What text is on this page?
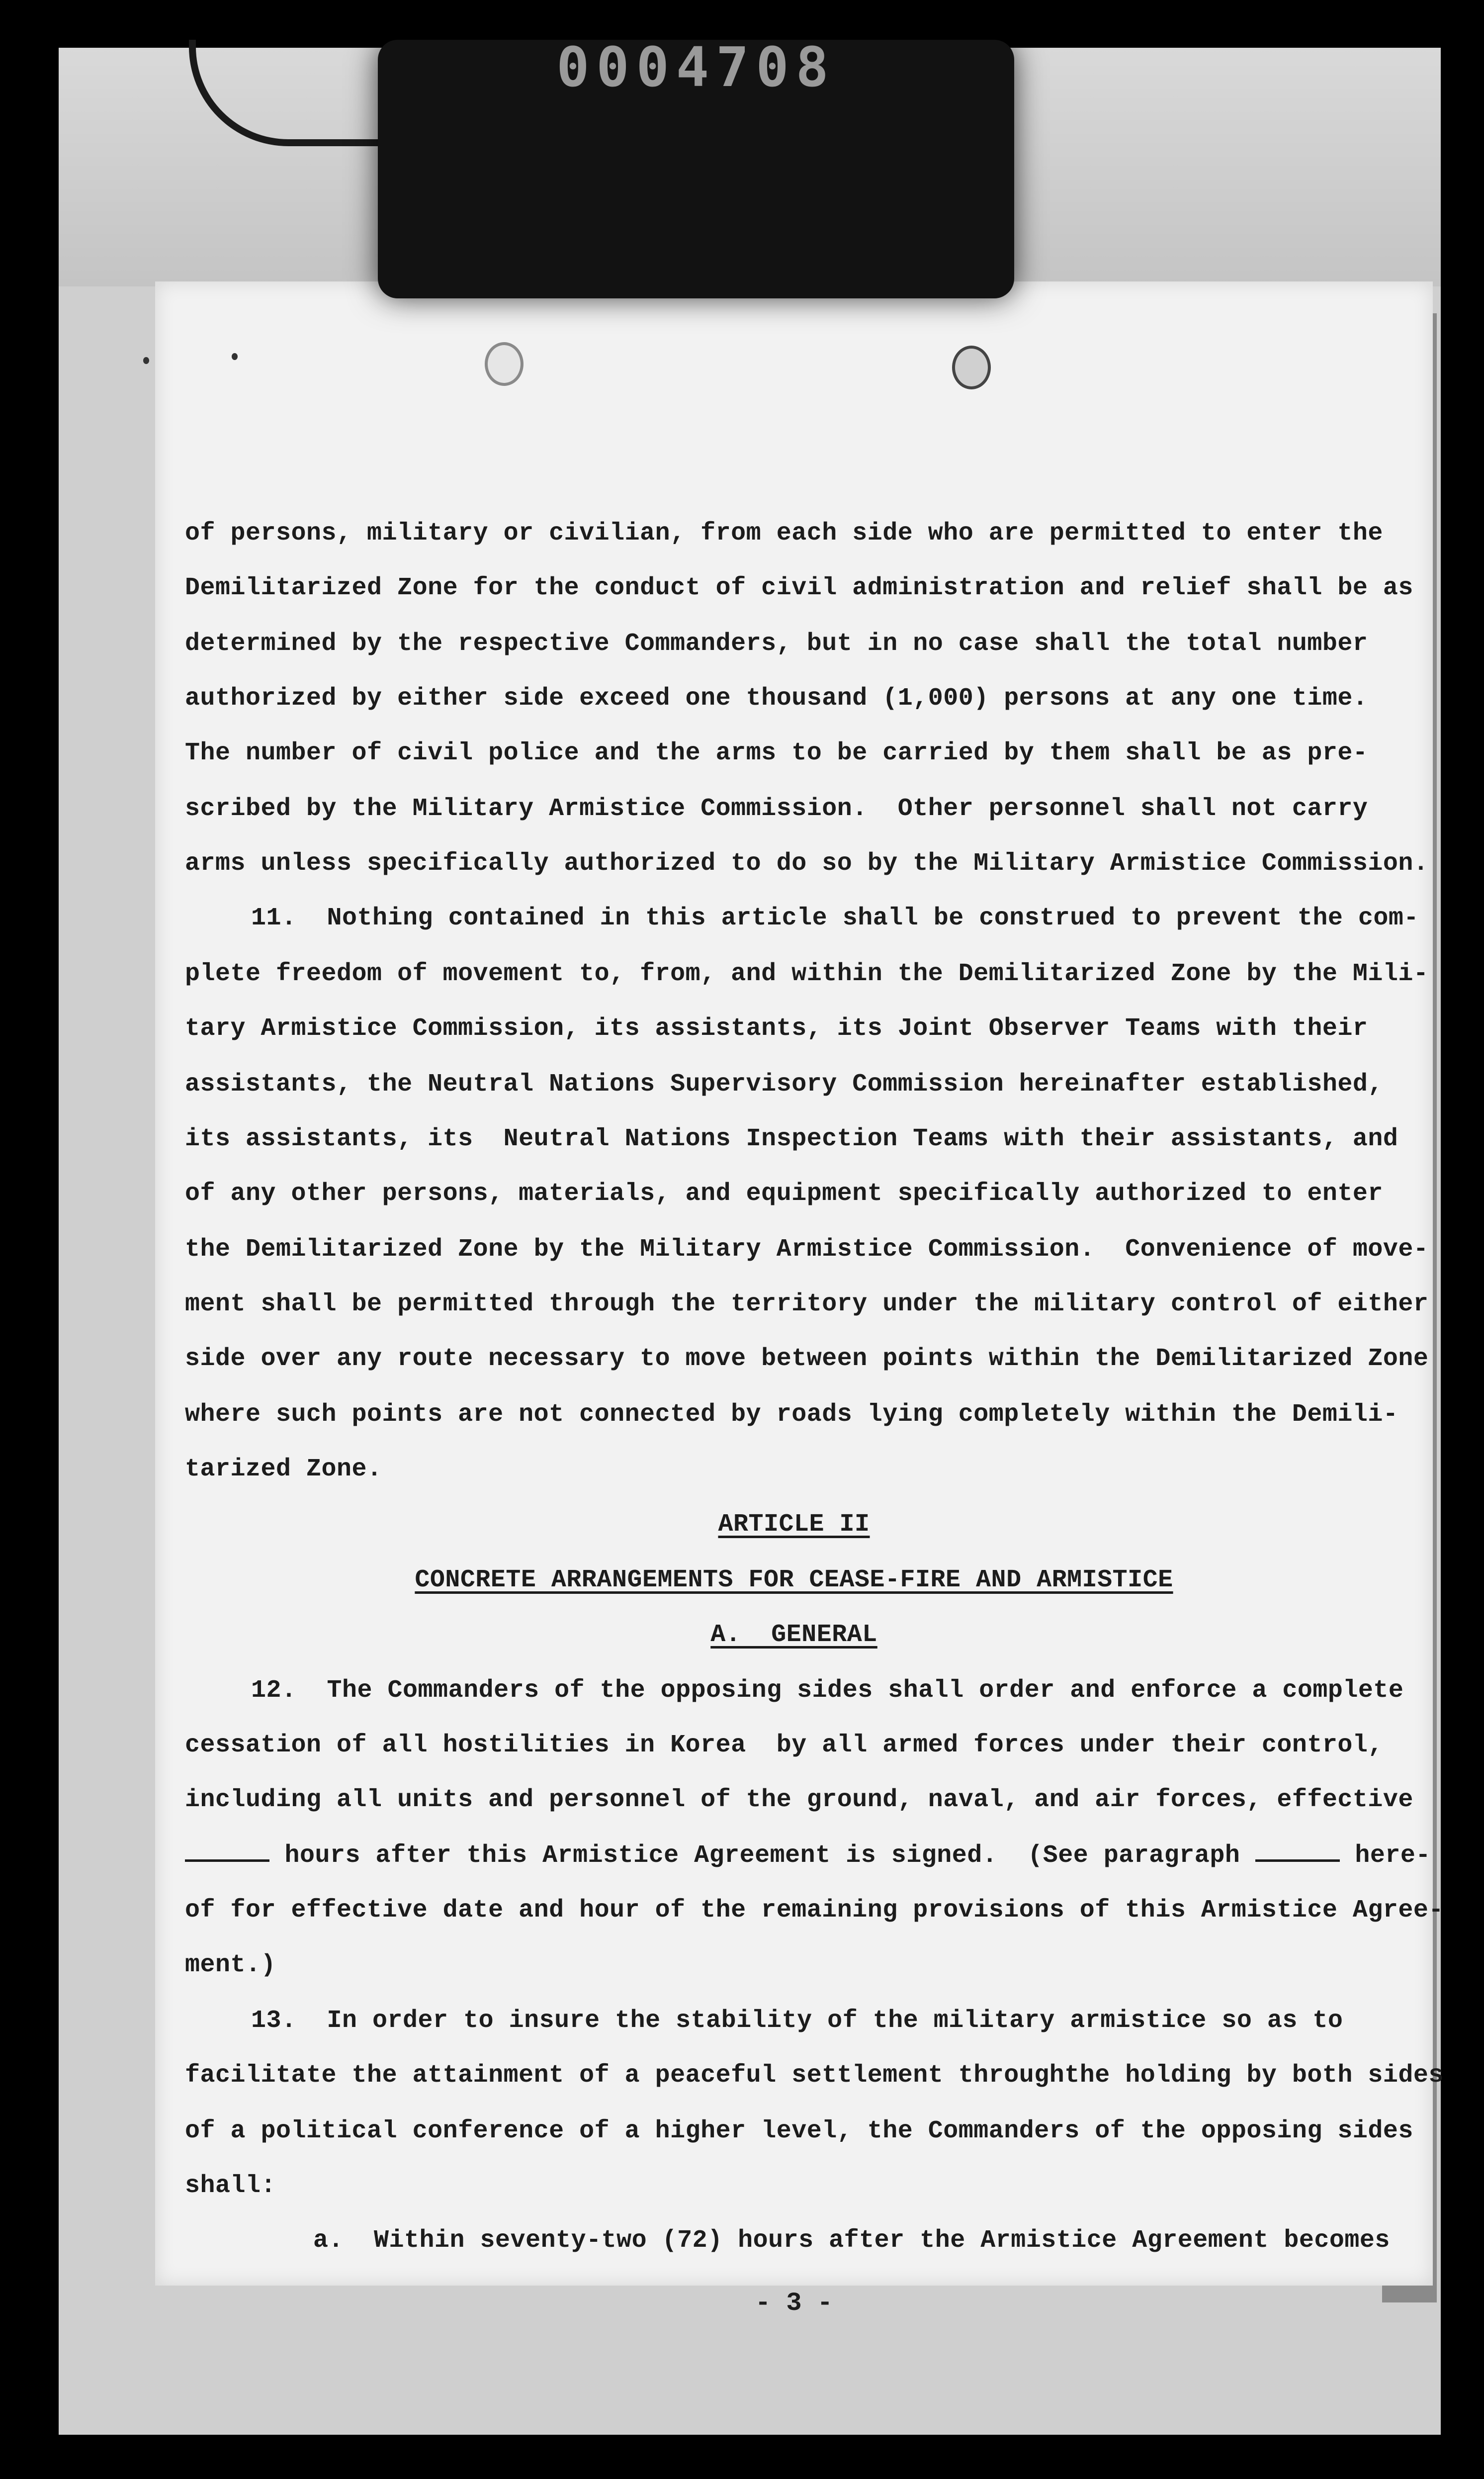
0004708
of persons, military or civilian, from each side who are permitted to enter the
Demilitarized Zone for the conduct of civil administration and relief shall be as
determined by the respective Commanders, but in no case shall the total number
authorized by either side exceed one thousand (1,000) persons at any one time.
The number of civil police and the arms to be carried by them shall be as pre-
scribed by the Military Armistice Commission.  Other personnel shall not carry
arms unless specifically authorized to do so by the Military Armistice Commission.
11.  Nothing contained in this article shall be construed to prevent the com-
plete freedom of movement to, from, and within the Demilitarized Zone by the Mili-
tary Armistice Commission, its assistants, its Joint Observer Teams with their
assistants, the Neutral Nations Supervisory Commission hereinafter established,
its assistants, its  Neutral Nations Inspection Teams with their assistants, and
of any other persons, materials, and equipment specifically authorized to enter
the Demilitarized Zone by the Military Armistice Commission.  Convenience of move-
ment shall be permitted through the territory under the military control of either
side over any route necessary to move between points within the Demilitarized Zone
where such points are not connected by roads lying completely within the Demili-
tarized Zone.
ARTICLE II
CONCRETE ARRANGEMENTS FOR CEASE-FIRE AND ARMISTICE
A.  GENERAL
12.  The Commanders of the opposing sides shall order and enforce a complete
cessation of all hostilities in Korea  by all armed forces under their control,
including all units and personnel of the ground, naval, and air forces, effective
hours after this Armistice Agreement is signed.  (See paragraph	here-
of for effective date and hour of the remaining provisions of this Armistice Agree-
ment.)
13.  In order to insure the stability of the military armistice so as to
facilitate the attainment of a peaceful settlement throughthe holding by both sides
of a political conference of a higher level, the Commanders of the opposing sides
shall:
a.  Within seventy-two (72) hours after the Armistice Agreement becomes
- 3 -
